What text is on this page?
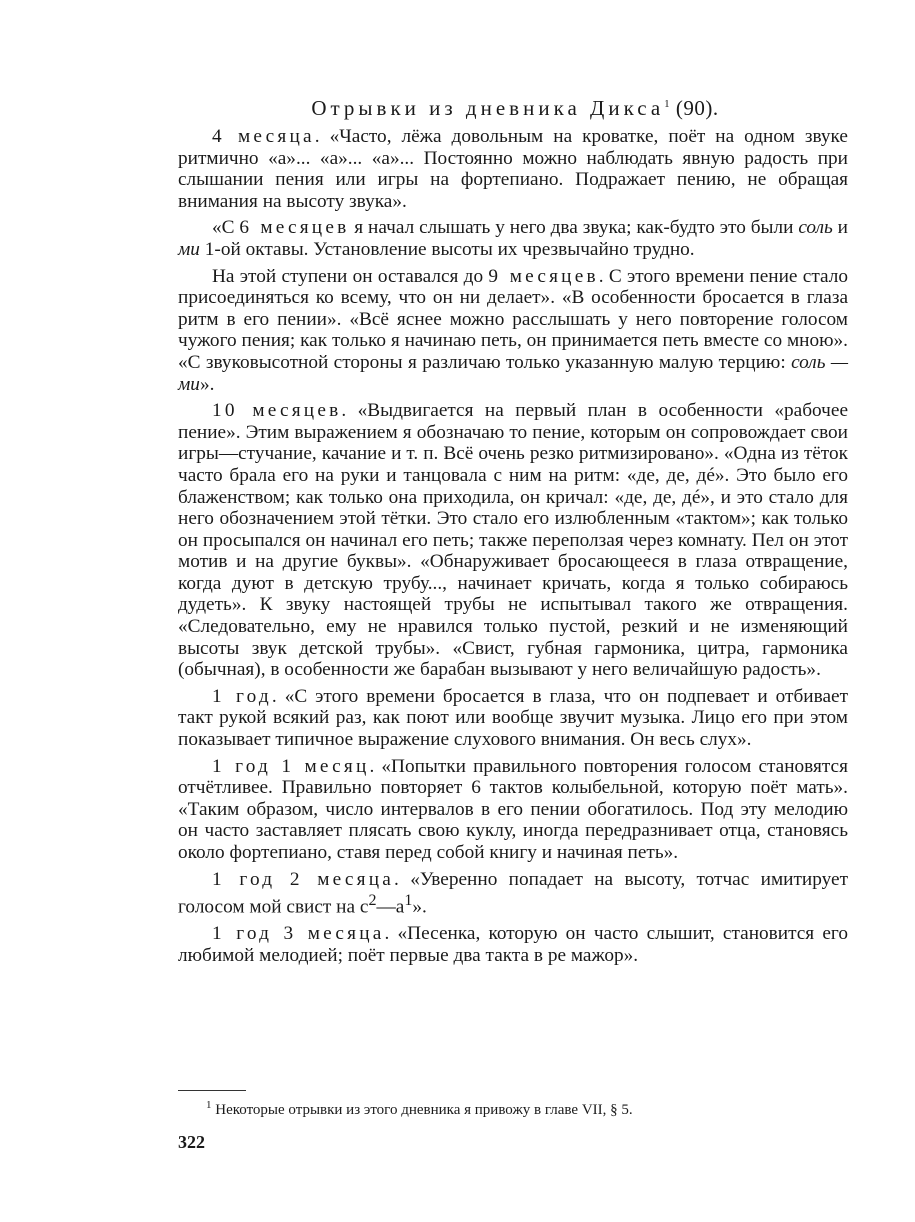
Отрывки из дневника Дикса$^1$ (90).

4 месяца. «Часто, лёжа довольным на кроватке, поёт на одном звуке ритмично «а»... «а»... «а»... Постоянно можно наблюдать явную радость при слышании пения или игры на фортепиано. Подражает пению, не обращая внимания на высоту звука».

«С 6 месяцев я начал слышать у него два звука; как-будто это были соль и ми 1-ой октавы. Установление высоты их чрезвычайно трудно.

На этой ступени он оставался до 9 месяцев. С этого времени пение стало присоединяться ко всему, что он ни делает». «В особенности бросается в глаза ритм в его пении». «Всё яснее можно расслышать у него повторение голосом чужого пения; как только я начинаю петь, он принимается петь вместе со мною». «С звуковысотной стороны я различаю только указанную малую терцию: соль — ми».

10 месяцев. «Выдвигается на первый план в особенности «рабочее пение». Этим выражением я обозначаю то пение, которым он сопровождает свои игры—стучание, качание и т. п. Всё очень резко ритмизировано». «Одна из тёток часто брала его на руки и танцовала с ним на ритм: «де, де, дé». Это было его блаженством; как только она приходила, он кричал: «де, де, дé», и это стало для него обозначением этой тётки. Это стало его излюбленным «тактом»; как только он просыпался он начинал его петь; также переползая через комнату. Пел он этот мотив и на другие буквы». «Обнаруживает бросающееся в глаза отвращение, когда дуют в детскую трубу..., начинает кричать, когда я только собираюсь дудеть». К звуку настоящей трубы не испытывал такого же отвращения. «Следовательно, ему не нравился только пустой, резкий и не изменяющий высоты звук детской трубы». «Свист, губная гармоника, цитра, гармоника (обычная), в особенности же барабан вызывают у него величайшую радость».

1 год. «С этого времени бросается в глаза, что он подпевает и отбивает такт рукой всякий раз, как поют или вообще звучит музыка. Лицо его при этом показывает типичное выражение слухового внимания. Он весь слух».

1 год 1 месяц. «Попытки правильного повторения голосом становятся отчётливее. Правильно повторяет 6 тактов колыбельной, которую поёт мать». «Таким образом, число интервалов в его пении обогатилось. Под эту мелодию он часто заставляет плясать свою куклу, иногда передразнивает отца, становясь около фортепиано, ставя перед собой книгу и начиная петь».

1 год 2 месяца. «Уверенно попадает на высоту, тотчас имитирует голосом мой свист на $c^2—a^1$».

1 год 3 месяца. «Песенка, которую он часто слышит, становится его любимой мелодией; поёт первые два такта в ре мажор».

$^1$ Некоторые отрывки из этого дневника я привожу в главе VII, § 5.
322
